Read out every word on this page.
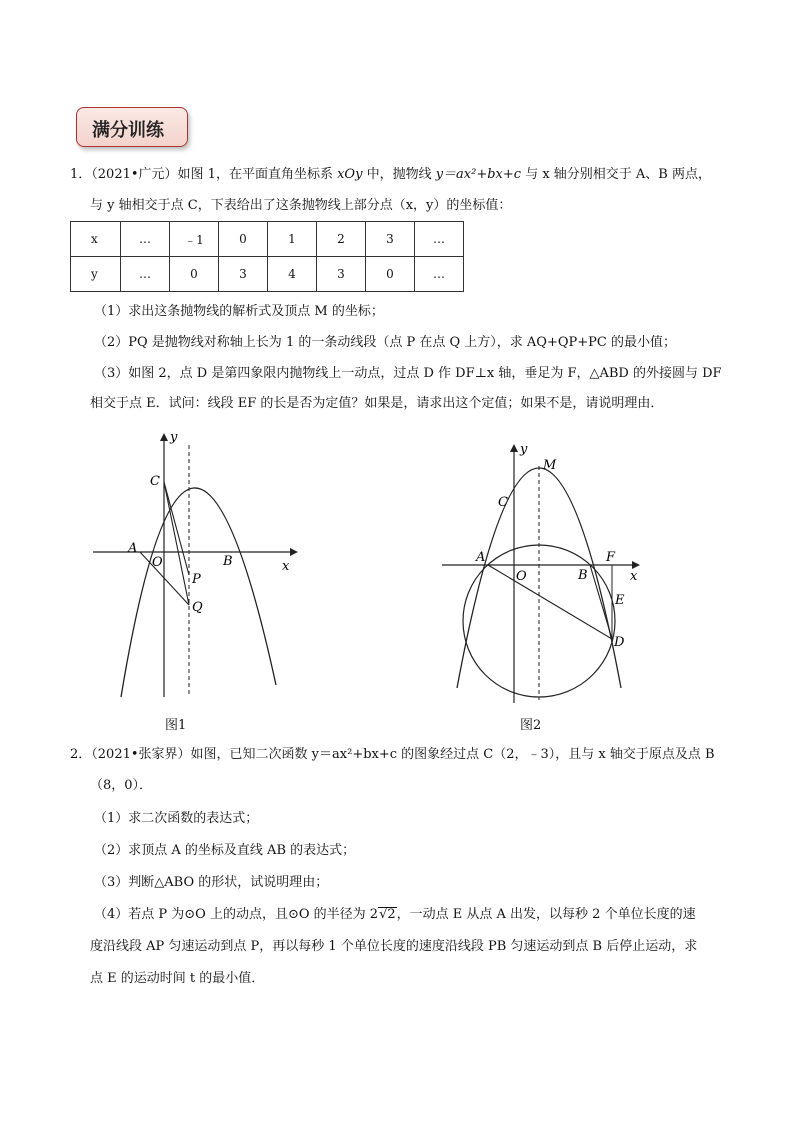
满分训练
1．（2021•广元）如图 1，在平面直角坐标系 xOy 中，抛物线 y＝ax²+bx+c 与 x 轴分别相交于 A、B 两点，
与 y 轴相交于点 C，下表给出了这条抛物线上部分点（x，y）的坐标值：
x	…	﹣1	0	1	2	3	…
y	…	0	3	4	3	0	…
（1）求出这条抛物线的解析式及顶点 M 的坐标；
（2）PQ 是抛物线对称轴上长为 1 的一条动线段（点 P 在点 Q 上方），求 AQ+QP+PC 的最小值；
（3）如图 2，点 D 是第四象限内抛物线上一动点，过点 D 作 DF⊥x 轴，垂足为 F，△ABD 的外接圆与 DF
相交于点 E．试问：线段 EF 的长是否为定值？如果是，请求出这个定值；如果不是，请说明理由．
y
x
C
A
O	B
P
Q
图1
y
x
M
C
A
O	B
F
E
D
图2
2．（2021•张家界）如图，已知二次函数 y＝ax²+bx+c 的图象经过点 C（2，﹣3），且与 x 轴交于原点及点 B
（8，0）．
（1）求二次函数的表达式；
（2）求顶点 A 的坐标及直线 AB 的表达式；
（3）判断△ABO 的形状，试说明理由；
（4）若点 P 为⊙O 上的动点，且⊙O 的半径为 2√2，一动点 E 从点 A 出发，以每秒 2 个单位长度的速
度沿线段 AP 匀速运动到点 P，再以每秒 1 个单位长度的速度沿线段 PB 匀速运动到点 B 后停止运动，求
点 E 的运动时间 t 的最小值．
